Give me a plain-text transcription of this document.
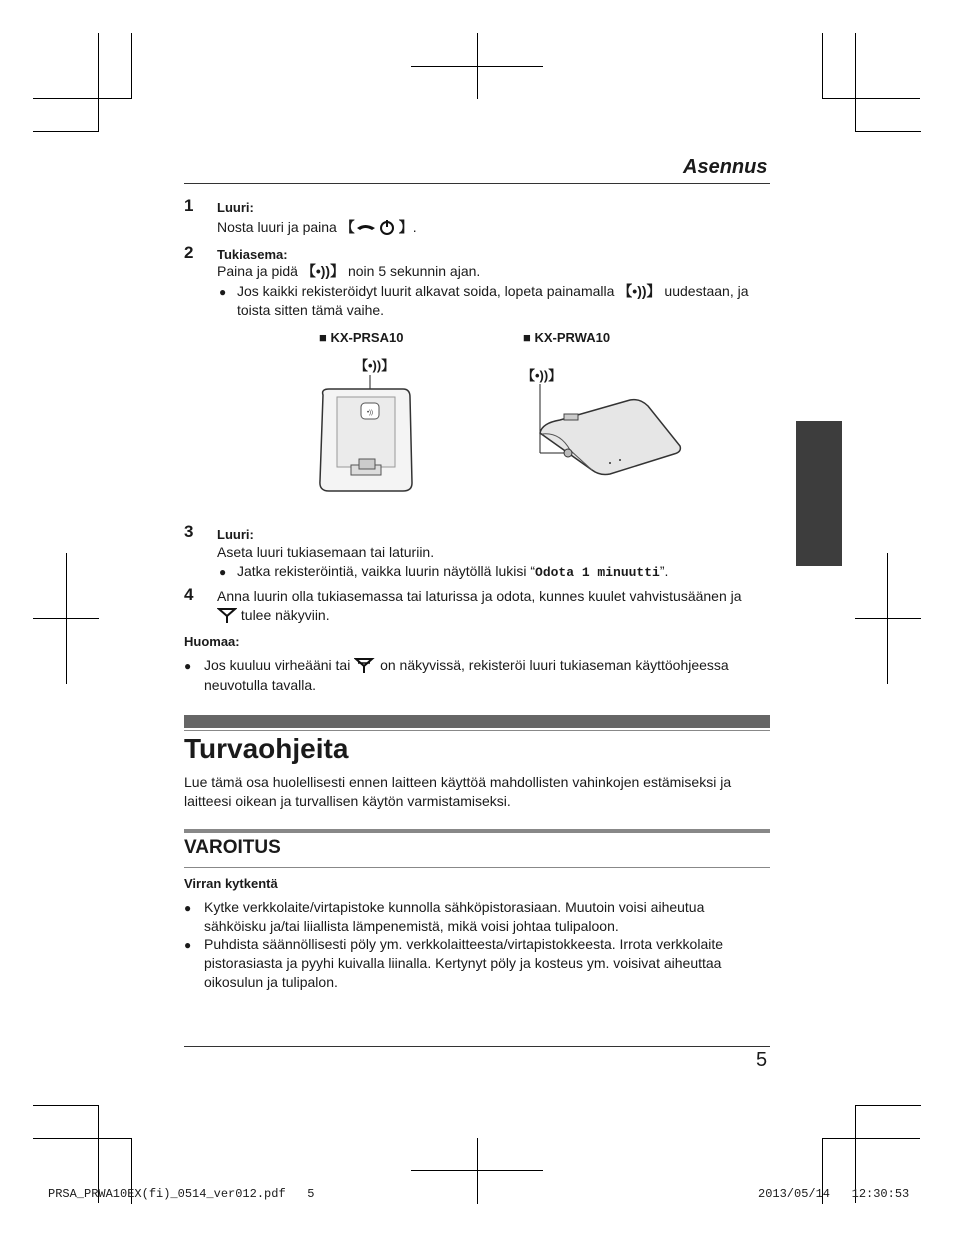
Asennus
1 Luuri:
Nosta luuri ja paina 【	】.
2 Tukiasema:
Paina ja pidä 【•))】 noin 5 sekunnin ajan.
● Jos kaikki rekisteröidyt luurit alkavat soida, lopeta painamalla 【•))】 uudestaan, ja
toista sitten tämä vaihe.
■ KX-PRSA10	■ KX-PRWA10
【•))】
【•))】
•))
3 Luuri:
Aseta luuri tukiasemaan tai laturiin.
● Jatka rekisteröintiä, vaikka luurin näytöllä lukisi “Odota 1 minuutti”.
4 Anna luurin olla tukiasemassa tai laturissa ja odota, kunnes kuulet vahvistusäänen ja
tulee näkyviin.
Huomaa:
● Jos kuuluu virheääni tai  on näkyvissä, rekisteröi luuri tukiaseman käyttöohjeessa
neuvotulla tavalla.
Turvaohjeita
Lue tämä osa huolellisesti ennen laitteen käyttöä mahdollisten vahinkojen estämiseksi ja
laitteesi oikean ja turvallisen käytön varmistamiseksi.
VAROITUS
Virran kytkentä
● Kytke verkkolaite/virtapistoke kunnolla sähköpistorasiaan. Muutoin voisi aiheutua
sähköisku ja/tai liiallista lämpenemistä, mikä voisi johtaa tulipaloon.
● Puhdista säännöllisesti pöly ym. verkkolaitteesta/virtapistokkeesta. Irrota verkkolaite
pistorasiasta ja pyyhi kuivalla liinalla. Kertynyt pöly ja kosteus ym. voisivat aiheuttaa
oikosulun ja tulipalon.
5
PRSA_PRWA10EX(fi)_0514_ver012.pdf   5	2013/05/14   12:30:53
